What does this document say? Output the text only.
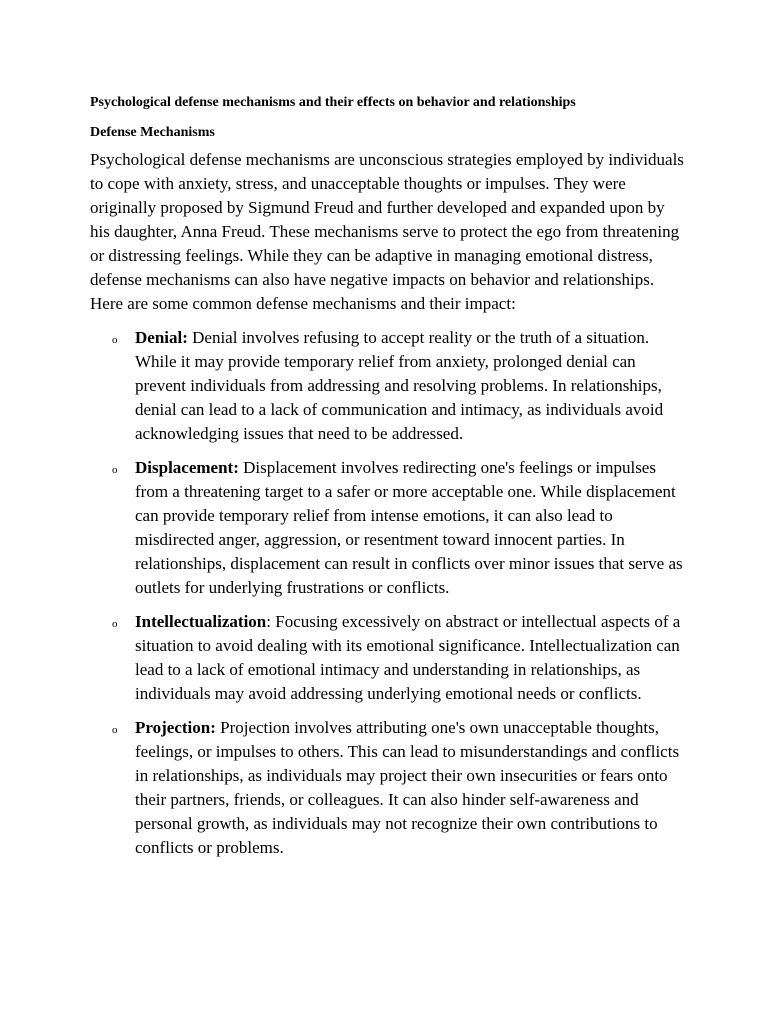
Psychological defense mechanisms and their effects on behavior and relationships
Defense Mechanisms

Psychological defense mechanisms are unconscious strategies employed by individuals to cope with anxiety, stress, and unacceptable thoughts or impulses. They were originally proposed by Sigmund Freud and further developed and expanded upon by his daughter, Anna Freud. These mechanisms serve to protect the ego from threatening or distressing feelings. While they can be adaptive in managing emotional distress, defense mechanisms can also have negative impacts on behavior and relationships. Here are some common defense mechanisms and their impact:

o Denial: Denial involves refusing to accept reality or the truth of a situation. While it may provide temporary relief from anxiety, prolonged denial can prevent individuals from addressing and resolving problems. In relationships, denial can lead to a lack of communication and intimacy, as individuals avoid acknowledging issues that need to be addressed.
o Displacement: Displacement involves redirecting one's feelings or impulses from a threatening target to a safer or more acceptable one. While displacement can provide temporary relief from intense emotions, it can also lead to misdirected anger, aggression, or resentment toward innocent parties. In relationships, displacement can result in conflicts over minor issues that serve as outlets for underlying frustrations or conflicts.
o Intellectualization: Focusing excessively on abstract or intellectual aspects of a situation to avoid dealing with its emotional significance. Intellectualization can lead to a lack of emotional intimacy and understanding in relationships, as individuals may avoid addressing underlying emotional needs or conflicts.
o Projection: Projection involves attributing one's own unacceptable thoughts, feelings, or impulses to others. This can lead to misunderstandings and conflicts in relationships, as individuals may project their own insecurities or fears onto their partners, friends, or colleagues. It can also hinder self-awareness and personal growth, as individuals may not recognize their own contributions to conflicts or problems.
